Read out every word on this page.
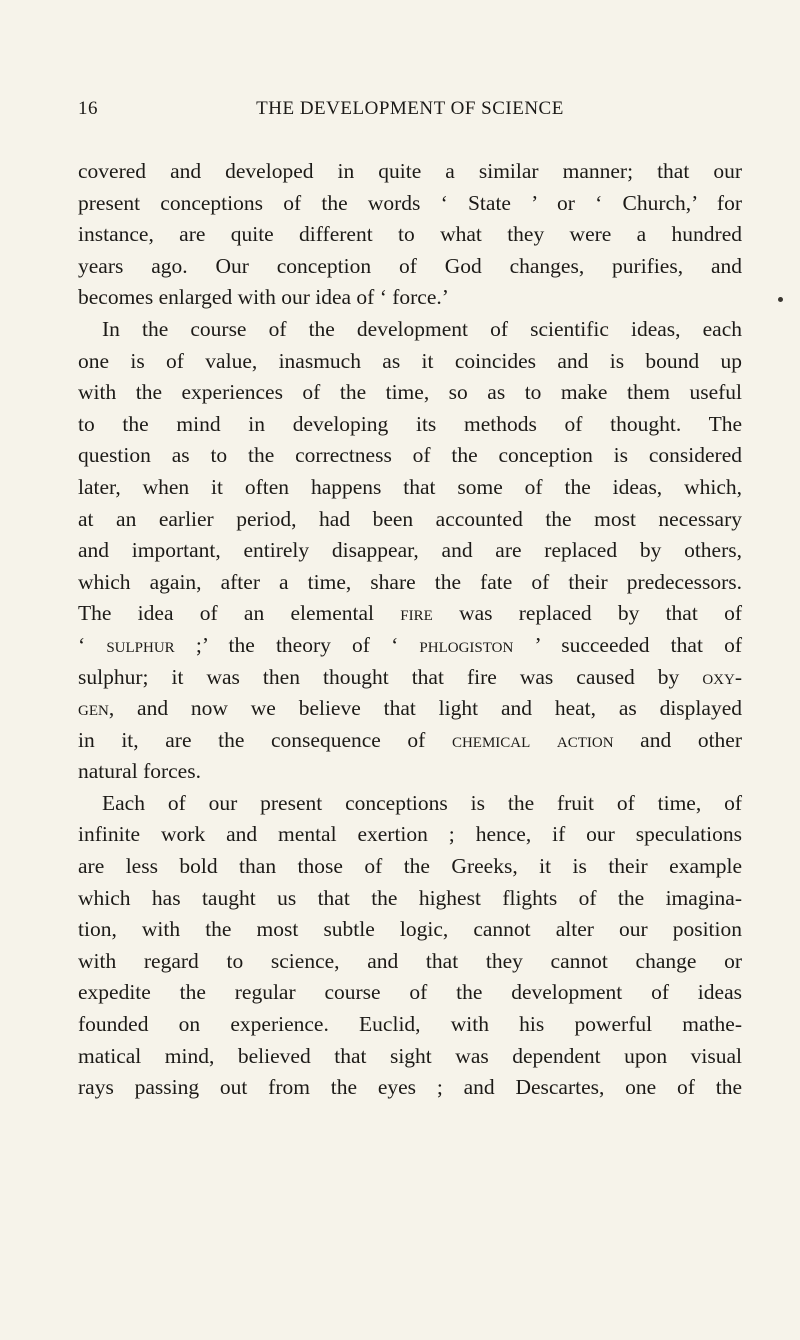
16	THE DEVELOPMENT OF SCIENCE
covered and developed in quite a similar manner; that our
present conceptions of the words ‘ State ’ or ‘ Church,’ for
instance, are quite different to what they were a hundred
years ago. Our conception of God changes, purifies, and
becomes enlarged with our idea of ‘ force.’
In the course of the development of scientific ideas, each
one is of value, inasmuch as it coincides and is bound up
with the experiences of the time, so as to make them useful
to the mind in developing its methods of thought. The
question as to the correctness of the conception is considered
later, when it often happens that some of the ideas, which,
at an earlier period, had been accounted the most necessary
and important, entirely disappear, and are replaced by others,
which again, after a time, share the fate of their predecessors.
The idea of an elemental fire was replaced by that of
‘ sulphur ;’ the theory of ‘ phlogiston ’ succeeded that of
sulphur; it was then thought that fire was caused by oxy-
gen, and now we believe that light and heat, as displayed
in it, are the consequence of chemical action and other
natural forces.
Each of our present conceptions is the fruit of time, of
infinite work and mental exertion ; hence, if our speculations
are less bold than those of the Greeks, it is their example
which has taught us that the highest flights of the imagina-
tion, with the most subtle logic, cannot alter our position
with regard to science, and that they cannot change or
expedite the regular course of the development of ideas
founded on experience. Euclid, with his powerful mathe-
matical mind, believed that sight was dependent upon visual
rays passing out from the eyes ; and Descartes, one of the
